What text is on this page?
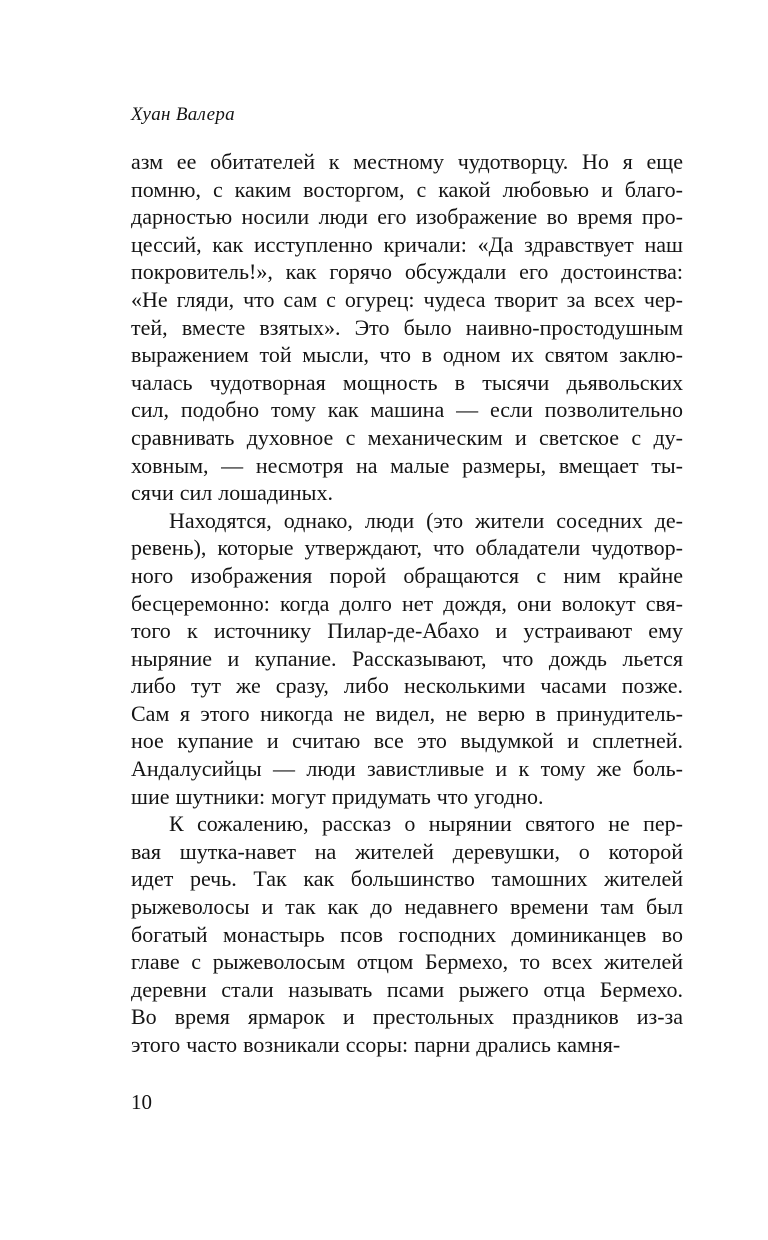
Хуан Валера
азм ее обитателей к местному чудотворцу. Но я еще
помню, с каким восторгом, с какой любовью и благо-
дарностью носили люди его изображение во время про-
цессий, как исступленно кричали: «Да здравствует наш
покровитель!», как горячо обсуждали его достоинства:
«Не гляди, что сам с огурец: чудеса творит за всех чер-
тей, вместе взятых». Это было наивно-простодушным
выражением той мысли, что в одном их святом заклю-
чалась чудотворная мощность в тысячи дьявольских
сил, подобно тому как машина — если позволительно
сравнивать духовное с механическим и светское с ду-
ховным, — несмотря на малые размеры, вмещает ты-
сячи сил лошадиных.
Находятся, однако, люди (это жители соседних де-
ревень), которые утверждают, что обладатели чудотвор-
ного изображения порой обращаются с ним крайне
бесцеремонно: когда долго нет дождя, они волокут свя-
того к источнику Пилар-де-Абахо и устраивают ему
ныряние и купание. Рассказывают, что дождь льется
либо тут же сразу, либо несколькими часами позже.
Сам я этого никогда не видел, не верю в принудитель-
ное купание и считаю все это выдумкой и сплетней.
Андалусийцы — люди завистливые и к тому же боль-
шие шутники: могут придумать что угодно.
К сожалению, рассказ о нырянии святого не пер-
вая шутка-навет на жителей деревушки, о которой
идет речь. Так как большинство тамошних жителей
рыжеволосы и так как до недавнего времени там был
богатый монастырь псов господних доминиканцев во
главе с рыжеволосым отцом Бермехо, то всех жителей
деревни стали называть псами рыжего отца Бермехо.
Во время ярмарок и престольных праздников из-за
этого часто возникали ссоры: парни дрались камня-
10
